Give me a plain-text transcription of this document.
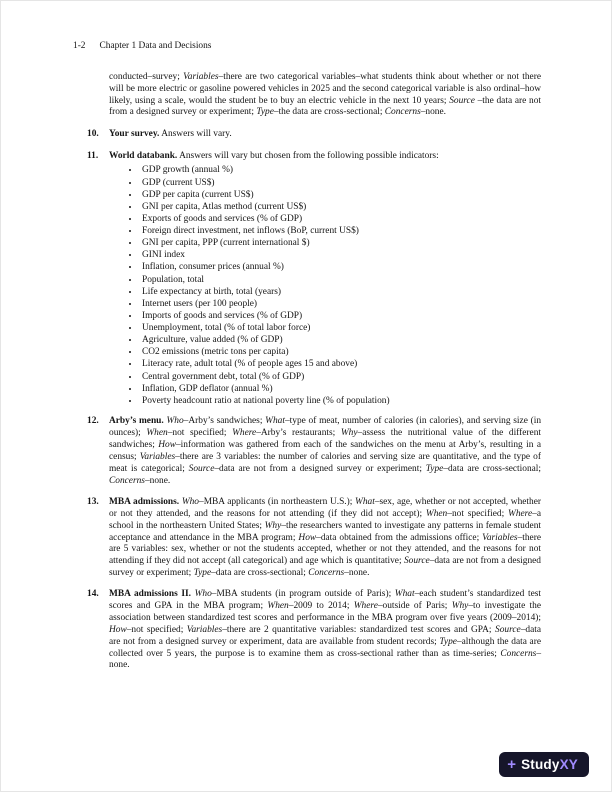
1-2 Chapter 1 Data and Decisions
conducted–survey; Variables–there are two categorical variables–what students think about whether or not there will be more electric or gasoline powered vehicles in 2025 and the second categorical variable is also ordinal–how likely, using a scale, would the student be to buy an electric vehicle in the next 10 years; Source –the data are not from a designed survey or experiment; Type–the data are cross-sectional; Concerns–none.
10. Your survey. Answers will vary.
11. World databank. Answers will vary but chosen from the following possible indicators:
• GDP growth (annual %)
• GDP (current US$)
• GDP per capita (current US$)
• GNI per capita, Atlas method (current US$)
• Exports of goods and services (% of GDP)
• Foreign direct investment, net inflows (BoP, current US$)
• GNI per capita, PPP (current international $)
• GINI index
• Inflation, consumer prices (annual %)
• Population, total
• Life expectancy at birth, total (years)
• Internet users (per 100 people)
• Imports of goods and services (% of GDP)
• Unemployment, total (% of total labor force)
• Agriculture, value added (% of GDP)
• CO2 emissions (metric tons per capita)
• Literacy rate, adult total (% of people ages 15 and above)
• Central government debt, total (% of GDP)
• Inflation, GDP deflator (annual %)
• Poverty headcount ratio at national poverty line (% of population)
12. Arby’s menu. Who–Arby’s sandwiches; What–type of meat, number of calories (in calories), and serving size (in ounces); When–not specified; Where–Arby’s restaurants; Why–assess the nutritional value of the different sandwiches; How–information was gathered from each of the sandwiches on the menu at Arby’s, resulting in a census; Variables–there are 3 variables: the number of calories and serving size are quantitative, and the type of meat is categorical; Source–data are not from a designed survey or experiment; Type–data are cross-sectional; Concerns–none.
13. MBA admissions. Who–MBA applicants (in northeastern U.S.); What–sex, age, whether or not accepted, whether or not they attended, and the reasons for not attending (if they did not accept); When–not specified; Where–a school in the northeastern United States; Why–the researchers wanted to investigate any patterns in female student acceptance and attendance in the MBA program; How–data obtained from the admissions office; Variables–there are 5 variables: sex, whether or not the students accepted, whether or not they attended, and the reasons for not attending if they did not accept (all categorical) and age which is quantitative; Source–data are not from a designed survey or experiment; Type–data are cross-sectional; Concerns–none.
14. MBA admissions II. Who–MBA students (in program outside of Paris); What–each student’s standardized test scores and GPA in the MBA program; When–2009 to 2014; Where–outside of Paris; Why–to investigate the association between standardized test scores and performance in the MBA program over five years (2009–2014); How–not specified; Variables–there are 2 quantitative variables: standardized test scores and GPA; Source–data are not from a designed survey or experiment, data are available from student records; Type–although the data are collected over 5 years, the purpose is to examine them as cross-sectional rather than as time-series; Concerns–none.
+ StudyXY
